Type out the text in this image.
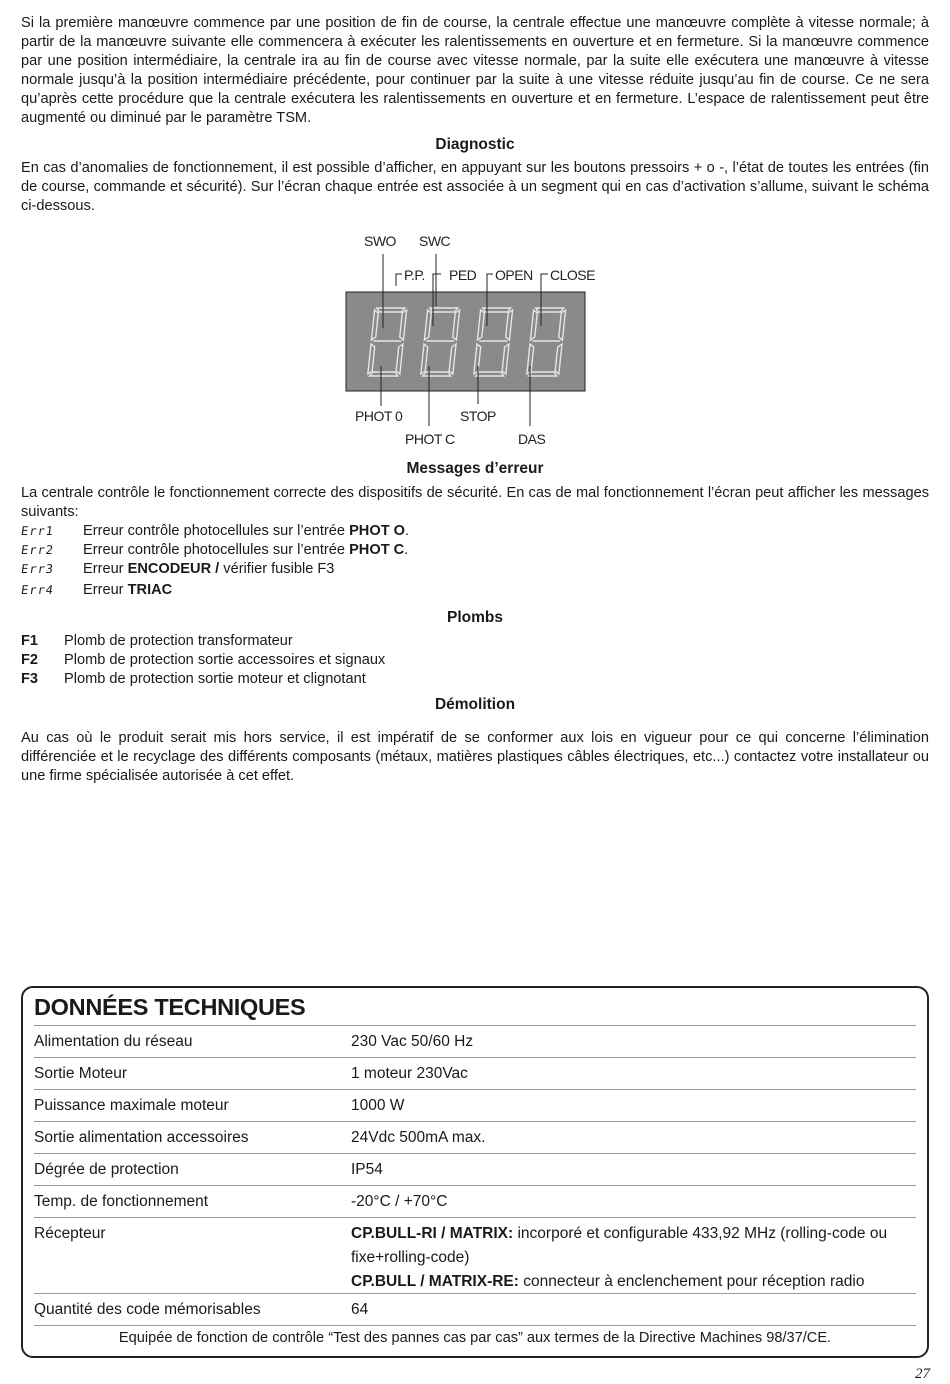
Si la première manœuvre commence par une position de fin de course, la centrale effectue une manœuvre complète à vitesse normale; à partir de la manœuvre suivante elle commencera à exécuter les ralentissements en ouverture et en fermeture. Si la manœuvre commence par une position intermédiaire, la centrale ira au fin de course avec vitesse normale, par la suite elle exécutera une manœuvre à vitesse normale jusqu’à la position intermédiaire précédente, pour continuer par la suite à une vitesse réduite jusqu’au fin de course. Ce ne sera qu’après cette procédure que la centrale exécutera les ralentissements en ouverture et en fermeture. L’espace de ralentissement peut être augmenté ou diminué par le paramètre TSM.

Diagnostic

En cas d’anomalies de fonctionnement, il est possible d’afficher, en appuyant sur les boutons pressoirs + o -, l’état de toutes les entrées (fin de course, commande et sécurité). Sur l’écran chaque entrée est associée à un segment qui en cas d’activation s’allume, suivant le schéma ci-dessous.

SWO SWC
P.P. PED OPEN CLOSE
PHOT 0
PHOT C
STOP
DAS
Messages d’erreur

La centrale contrôle le fonctionnement correcte des dispositifs de sécurité. En cas de mal fonctionnement l’écran peut afficher les messages suivants:

Err1	Erreur contrôle photocellules sur l’entrée PHOT O.
Err2	Erreur contrôle photocellules sur l’entrée PHOT C.
Err3	Erreur ENCODEUR / vérifier fusible F3
Err4	Erreur TRIAC
Plombs
F1	Plomb de protection transformateur
F2	Plomb de protection sortie accessoires et signaux
F3	Plomb de protection sortie moteur et clignotant
Démolition

Au cas où le produit serait mis hors service, il est impératif de se conformer aux lois en vigueur pour ce qui concerne l’élimination différenciée et le recyclage des différents composants (métaux, matières plastiques câbles électriques, etc...) contactez votre installateur ou une firme spécialisée autorisée à cet effet.

DONNÉES TECHNIQUES
Alimentation du réseau	230 Vac 50/60 Hz
Sortie Moteur	1 moteur 230Vac
Puissance maximale moteur	1000 W
Sortie alimentation accessoires	24Vdc 500mA max.
Dégrée de protection	IP54
Temp. de fonctionnement	-20°C / +70°C
Récepteur	CP.BULL-RI / MATRIX: incorporé et configurable 433,92 MHz (rolling-code ou fixe+rolling-code)
CP.BULL / MATRIX-RE: connecteur à enclenchement pour réception radio
Quantité des code mémorisables	64
Equipée de fonction de contrôle “Test des pannes cas par cas” aux termes de la Directive Machines 98/37/CE.
27
